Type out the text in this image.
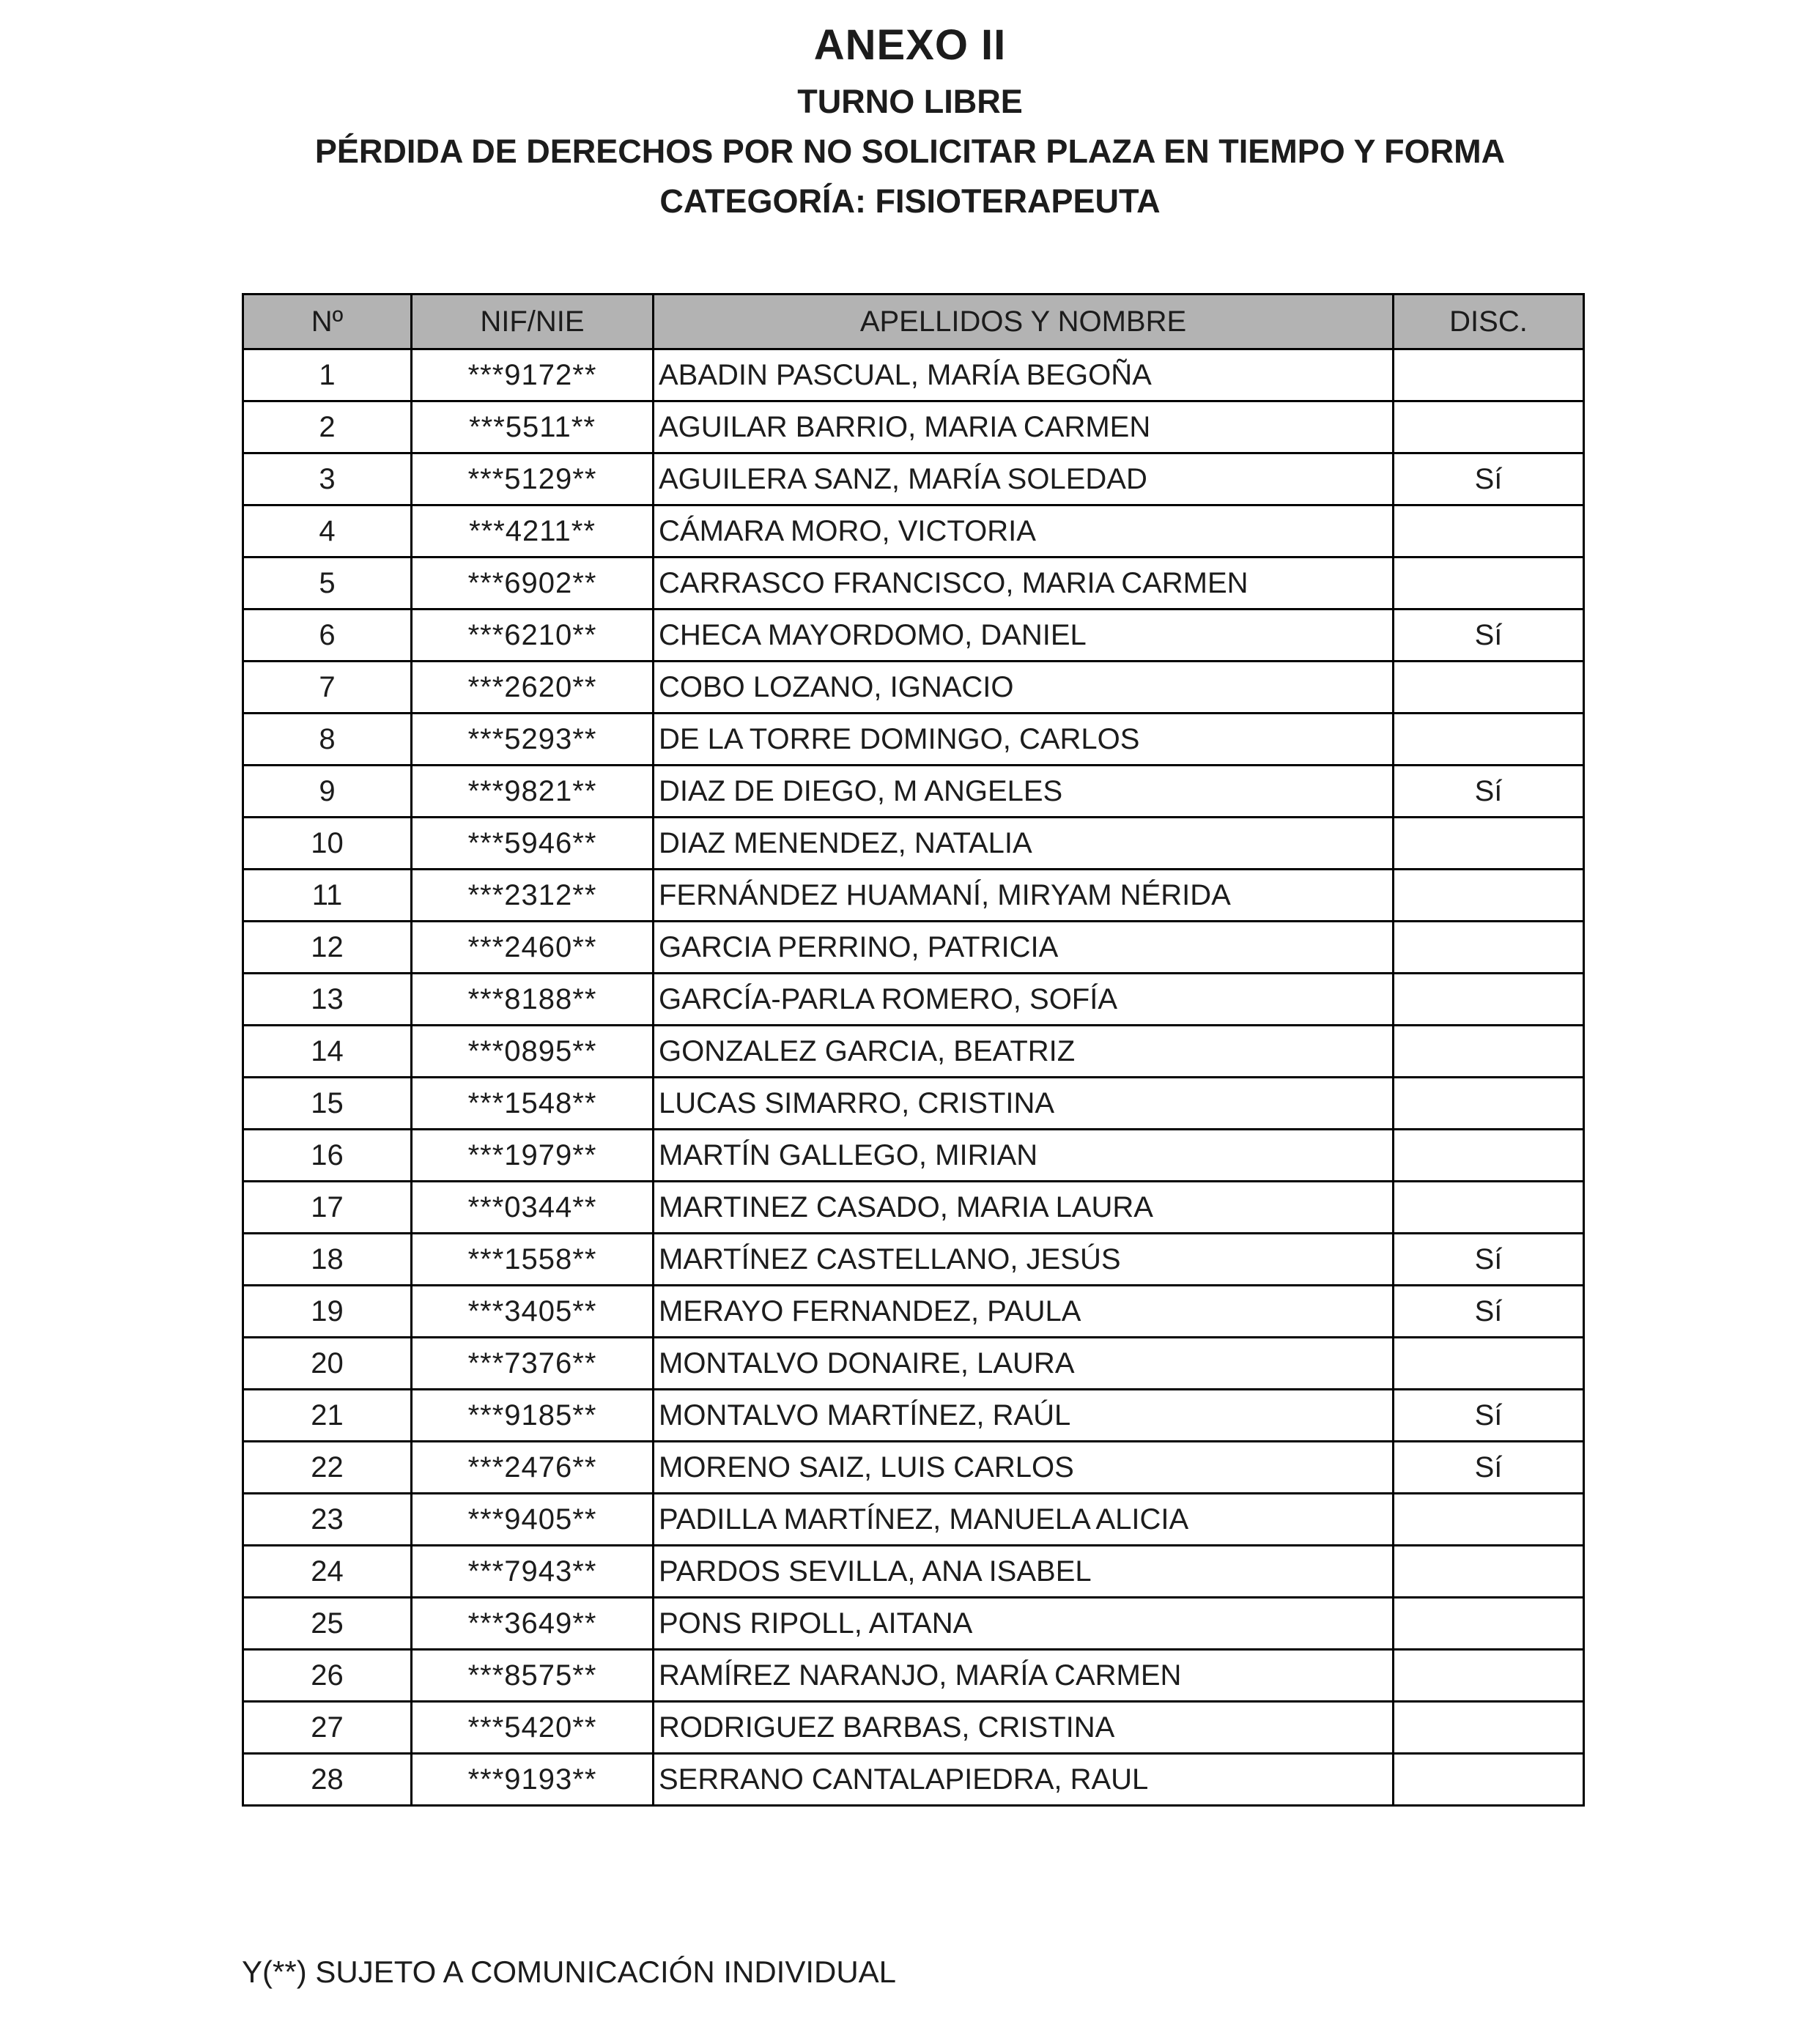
ANEXO II
TURNO LIBRE
PÉRDIDA DE DERECHOS POR NO SOLICITAR PLAZA EN TIEMPO Y FORMA
CATEGORÍA: FISIOTERAPEUTA
Nº	NIF/NIE	APELLIDOS Y NOMBRE	DISC.
1	***9172**	ABADIN PASCUAL, MARÍA BEGOÑA	
2	***5511**	AGUILAR BARRIO, MARIA CARMEN	
3	***5129**	AGUILERA SANZ, MARÍA SOLEDAD	Sí
4	***4211**	CÁMARA MORO, VICTORIA	
5	***6902**	CARRASCO FRANCISCO, MARIA CARMEN	
6	***6210**	CHECA MAYORDOMO, DANIEL	Sí
7	***2620**	COBO LOZANO, IGNACIO	
8	***5293**	DE LA TORRE DOMINGO, CARLOS	
9	***9821**	DIAZ DE DIEGO, M ANGELES	Sí
10	***5946**	DIAZ MENENDEZ, NATALIA	
11	***2312**	FERNÁNDEZ HUAMANÍ, MIRYAM NÉRIDA	
12	***2460**	GARCIA PERRINO, PATRICIA	
13	***8188**	GARCÍA-PARLA ROMERO, SOFÍA	
14	***0895**	GONZALEZ GARCIA, BEATRIZ	
15	***1548**	LUCAS SIMARRO, CRISTINA	
16	***1979**	MARTÍN GALLEGO, MIRIAN	
17	***0344**	MARTINEZ CASADO, MARIA LAURA	
18	***1558**	MARTÍNEZ CASTELLANO, JESÚS	Sí
19	***3405**	MERAYO FERNANDEZ, PAULA	Sí
20	***7376**	MONTALVO DONAIRE, LAURA	
21	***9185**	MONTALVO MARTÍNEZ, RAÚL	Sí
22	***2476**	MORENO SAIZ, LUIS CARLOS	Sí
23	***9405**	PADILLA MARTÍNEZ, MANUELA ALICIA	
24	***7943**	PARDOS SEVILLA, ANA ISABEL	
25	***3649**	PONS RIPOLL, AITANA	
26	***8575**	RAMÍREZ NARANJO, MARÍA CARMEN	
27	***5420**	RODRIGUEZ BARBAS, CRISTINA	
28	***9193**	SERRANO CANTALAPIEDRA, RAUL	
Y(**) SUJETO A COMUNICACIÓN INDIVIDUAL
